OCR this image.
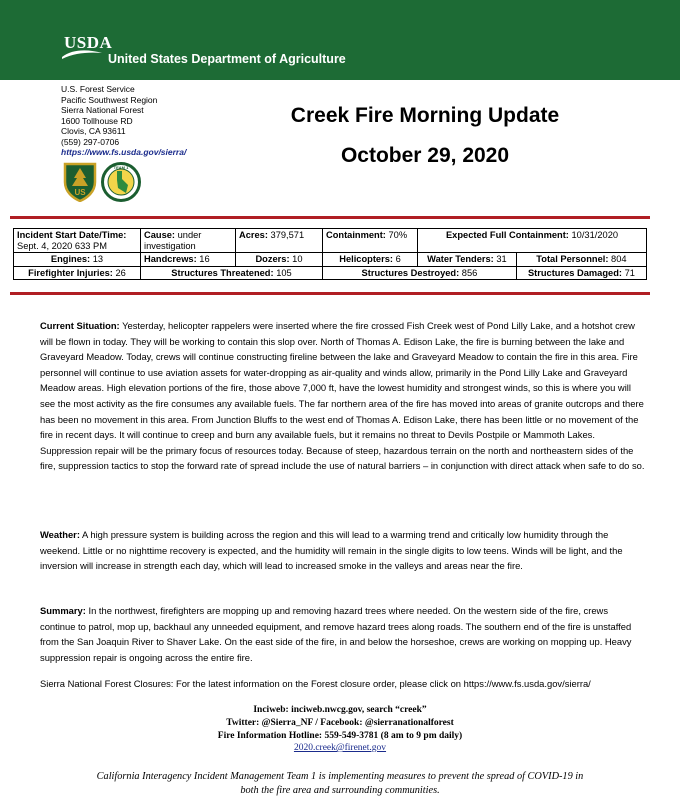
USDA
United States Department of Agriculture
U.S. Forest Service
Pacific Southwest Region
Sierra National Forest
1600 Tollhouse RD
Clovis, CA 93611
(559) 297-0706
https://www.fs.usda.gov/sierra/
US
TEAM 1
Creek Fire Morning Update
October 29, 2020
Incident Start Date/Time:
Sept. 4, 2020 633 PM	Cause: under investigation	Acres: 379,571	Containment: 70%	Expected Full Containment: 10/31/2020	
Engines: 13	Handcrews: 16	Dozers: 10	Helicopters: 6	Water Tenders: 31	Total Personnel: 804
Firefighter Injuries: 26	Structures Threatened: 105		Structures Destroyed: 856		Structures Damaged: 71
Current Situation: Yesterday, helicopter rappelers were inserted where the fire crossed Fish Creek west of Pond Lilly Lake, and a hotshot crew will be flown in today. They will be working to contain this slop over. North of Thomas A. Edison Lake, the fire is burning between the lake and Graveyard Meadow. Today, crews will continue constructing fireline between the lake and Graveyard Meadow to contain the fire in this area. Fire personnel will continue to use aviation assets for water-dropping as air-quality and winds allow, primarily in the Pond Lilly Lake and Graveyard Meadow areas. High elevation portions of the fire, those above 7,000 ft, have the lowest humidity and strongest winds, so this is where you will see the most activity as the fire consumes any available fuels. The far northern area of the fire has moved into areas of granite outcrops and there has been no movement in this area. From Junction Bluffs to the west end of Thomas A. Edison Lake, there has been little or no movement of the fire in recent days. It will continue to creep and burn any available fuels, but it remains no threat to Devils Postpile or Mammoth Lakes. Suppression repair will be the primary focus of resources today. Because of steep, hazardous terrain on the north and northeastern sides of the fire, suppression tactics to stop the forward rate of spread include the use of natural barriers – in conjunction with direct attack when safe to do so.
Weather: A high pressure system is building across the region and this will lead to a warming trend and critically low humidity through the weekend. Little or no nighttime recovery is expected, and the humidity will remain in the single digits to low teens. Winds will be light, and the inversion will increase in strength each day, which will lead to increased smoke in the valleys and areas near the fire.
Summary: In the northwest, firefighters are mopping up and removing hazard trees where needed. On the western side of the fire, crews continue to patrol, mop up, backhaul any unneeded equipment, and remove hazard trees along roads. The southern end of the fire is unstaffed from the San Joaquin River to Shaver Lake. On the east side of the fire, in and below the horseshoe, crews are working on mopping up. Heavy suppression repair is ongoing across the entire fire.
Sierra National Forest Closures: For the latest information on the Forest closure order, please click on https://www.fs.usda.gov/sierra/
Inciweb: inciweb.nwcg.gov, search “creek”
Twitter: @Sierra_NF / Facebook: @sierranationalforest
Fire Information Hotline: 559-549-3781 (8 am to 9 pm daily)
2020.creek@firenet.gov
California Interagency Incident Management Team 1 is implementing measures to prevent the spread of COVID-19 in
both the fire area and surrounding communities.
